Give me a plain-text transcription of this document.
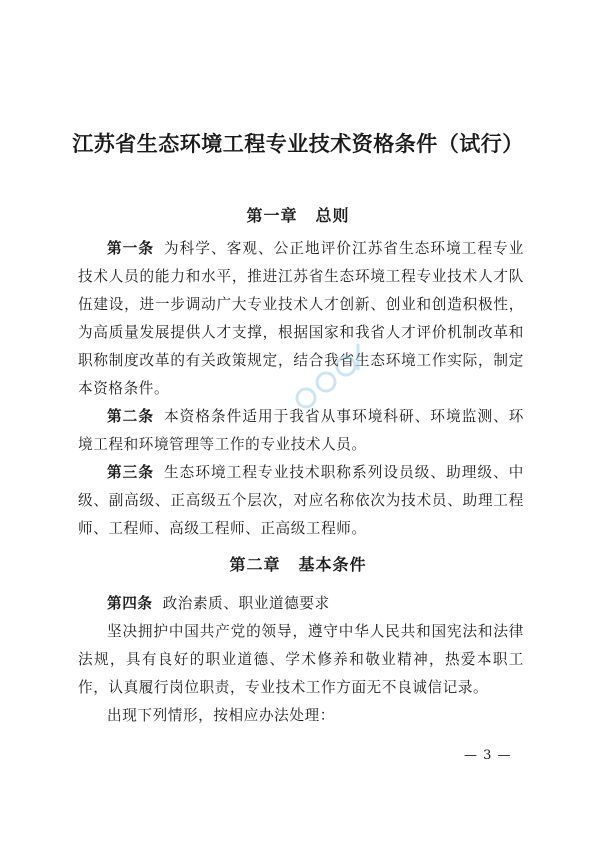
江苏省生态环境工程专业技术资格条件（试行）
第一章 总则
第一条 为科学、客观、公正地评价江苏省生态环境工程专业技术人员的能力和水平，推进江苏省生态环境工程专业技术人才队伍建设，进一步调动广大专业技术人才创新、创业和创造积极性，为高质量发展提供人才支撑，根据国家和我省人才评价机制改革和职称制度改革的有关政策规定，结合我省生态环境工作实际，制定本资格条件。
第二条 本资格条件适用于我省从事环境科研、环境监测、环境工程和环境管理等工作的专业技术人员。
第三条 生态环境工程专业技术职称系列设员级、助理级、中级、副高级、正高级五个层次，对应名称依次为技术员、助理工程师、工程师、高级工程师、正高级工程师。
第二章 基本条件
第四条 政治素质、职业道德要求
坚决拥护中国共产党的领导，遵守中华人民共和国宪法和法律法规，具有良好的职业道德、学术修养和敬业精神，热爱本职工作，认真履行岗位职责，专业技术工作方面无不良诚信记录。
出现下列情形，按相应办法处理：
— 3 —
